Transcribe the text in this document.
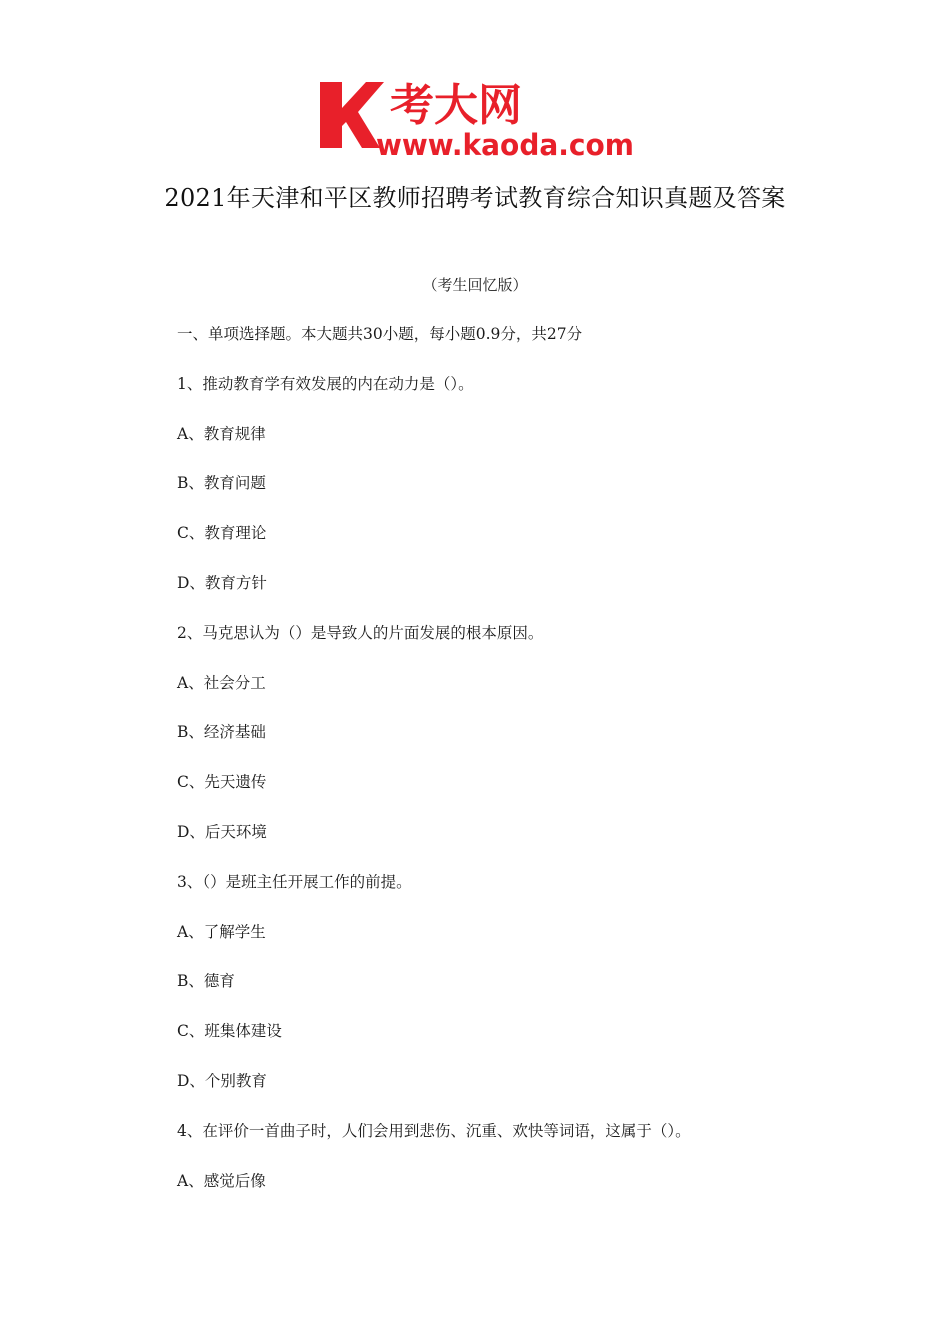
考大网
www.kaoda.com
2021年天津和平区教师招聘考试教育综合知识真题及答案
（考生回忆版）
一、单项选择题。本大题共30小题，每小题0.9分，共27分
1、推动教育学有效发展的内在动力是（）。
A、教育规律
B、教育问题
C、教育理论
D、教育方针
2、马克思认为（）是导致人的片面发展的根本原因。
A、社会分工
B、经济基础
C、先天遗传
D、后天环境
3、（）是班主任开展工作的前提。
A、了解学生
B、德育
C、班集体建设
D、个别教育
4、在评价一首曲子时，人们会用到悲伤、沉重、欢快等词语，这属于（）。
A、感觉后像
